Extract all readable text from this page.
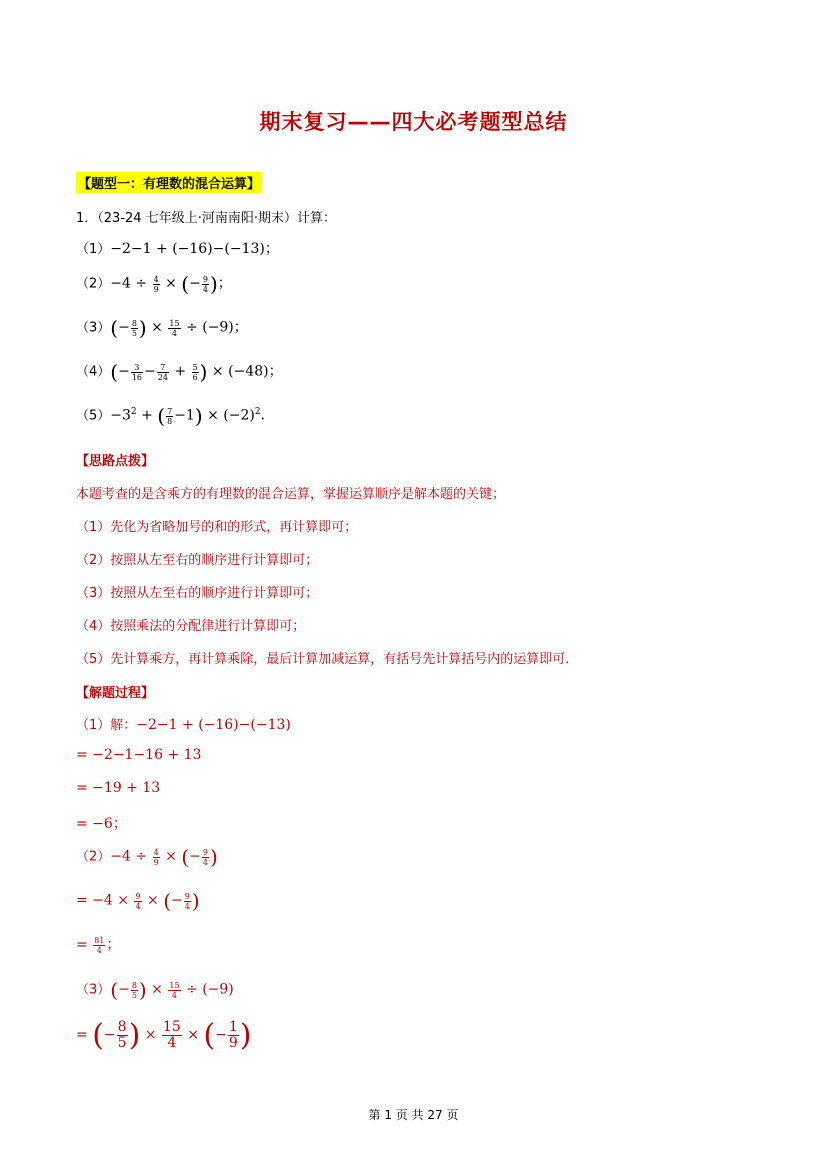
期末复习——四大必考题型总结
【题型一：有理数的混合运算】
1．（23-24 七年级上·河南南阳·期末）计算：
（1）−2−1 + (−16)−(−13)；
$(2)-4 \div \frac{4}{9}$ × (− $\frac{9}{4}$ )；
$(3)(- \frac{8}{5}$ ) × $\frac{15}{4} \div (-9)$；
$(4)(- \frac{3}{16} - \frac{7}{24} + \frac{5}{6}$ ) × (−48)；
$(5)-3^2$ + ( $\frac{7}{8} -1) \times (-2)^2$．
【思路点拨】
本题考查的是含乘方的有理数的混合运算，掌握运算顺序是解本题的关键；
（1）先化为省略加号的和的形式，再计算即可；
（2）按照从左至右的顺序进行计算即可；
（3）按照从左至右的顺序进行计算即可；
（4）按照乘法的分配律进行计算即可；
（5）先计算乘方，再计算乘除，最后计算加减运算，有括号先计算括号内的运算即可．
【解题过程】
（1）解：−2−1 + (−16)−(−13)
= −2−1−16 + 13
= −19 + 13
= −6；
$(2)-4 \div \frac{4}{9}$ × (− $\frac{9}{4}$ )
= $-4 \times \frac{9}{4}$ × (− $\frac{9}{4}$ )
= $\frac{81}{4}$ ；
$(3)(- \frac{8}{5}$ ) × $\frac{15}{4} \div (-9)$
= (− $\frac{8}{5}$ ) × $\frac{15}{4}$ × (− $\frac{1}{9}$ )
第 1 页 共 27 页
